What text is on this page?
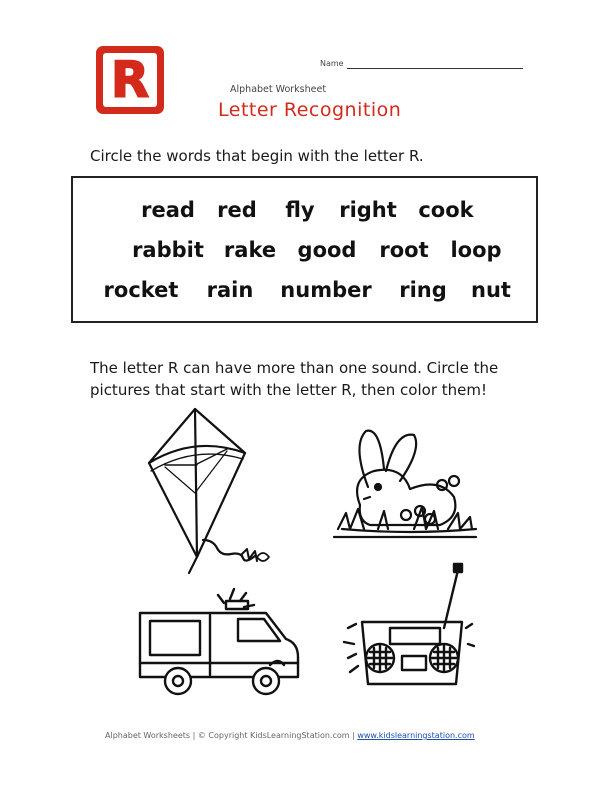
R	Name
Alphabet Worksheet
Letter Recognition
Circle the words that begin with the letter R.
read red fly right cook
rabbit rake good root loop
rocket rain number ring nut
The letter R can have more than one sound. Circle the pictures that start with the letter R, then color them!
Alphabet Worksheets | © Copyright KidsLearningStation.com | www.kidslearningstation.com
